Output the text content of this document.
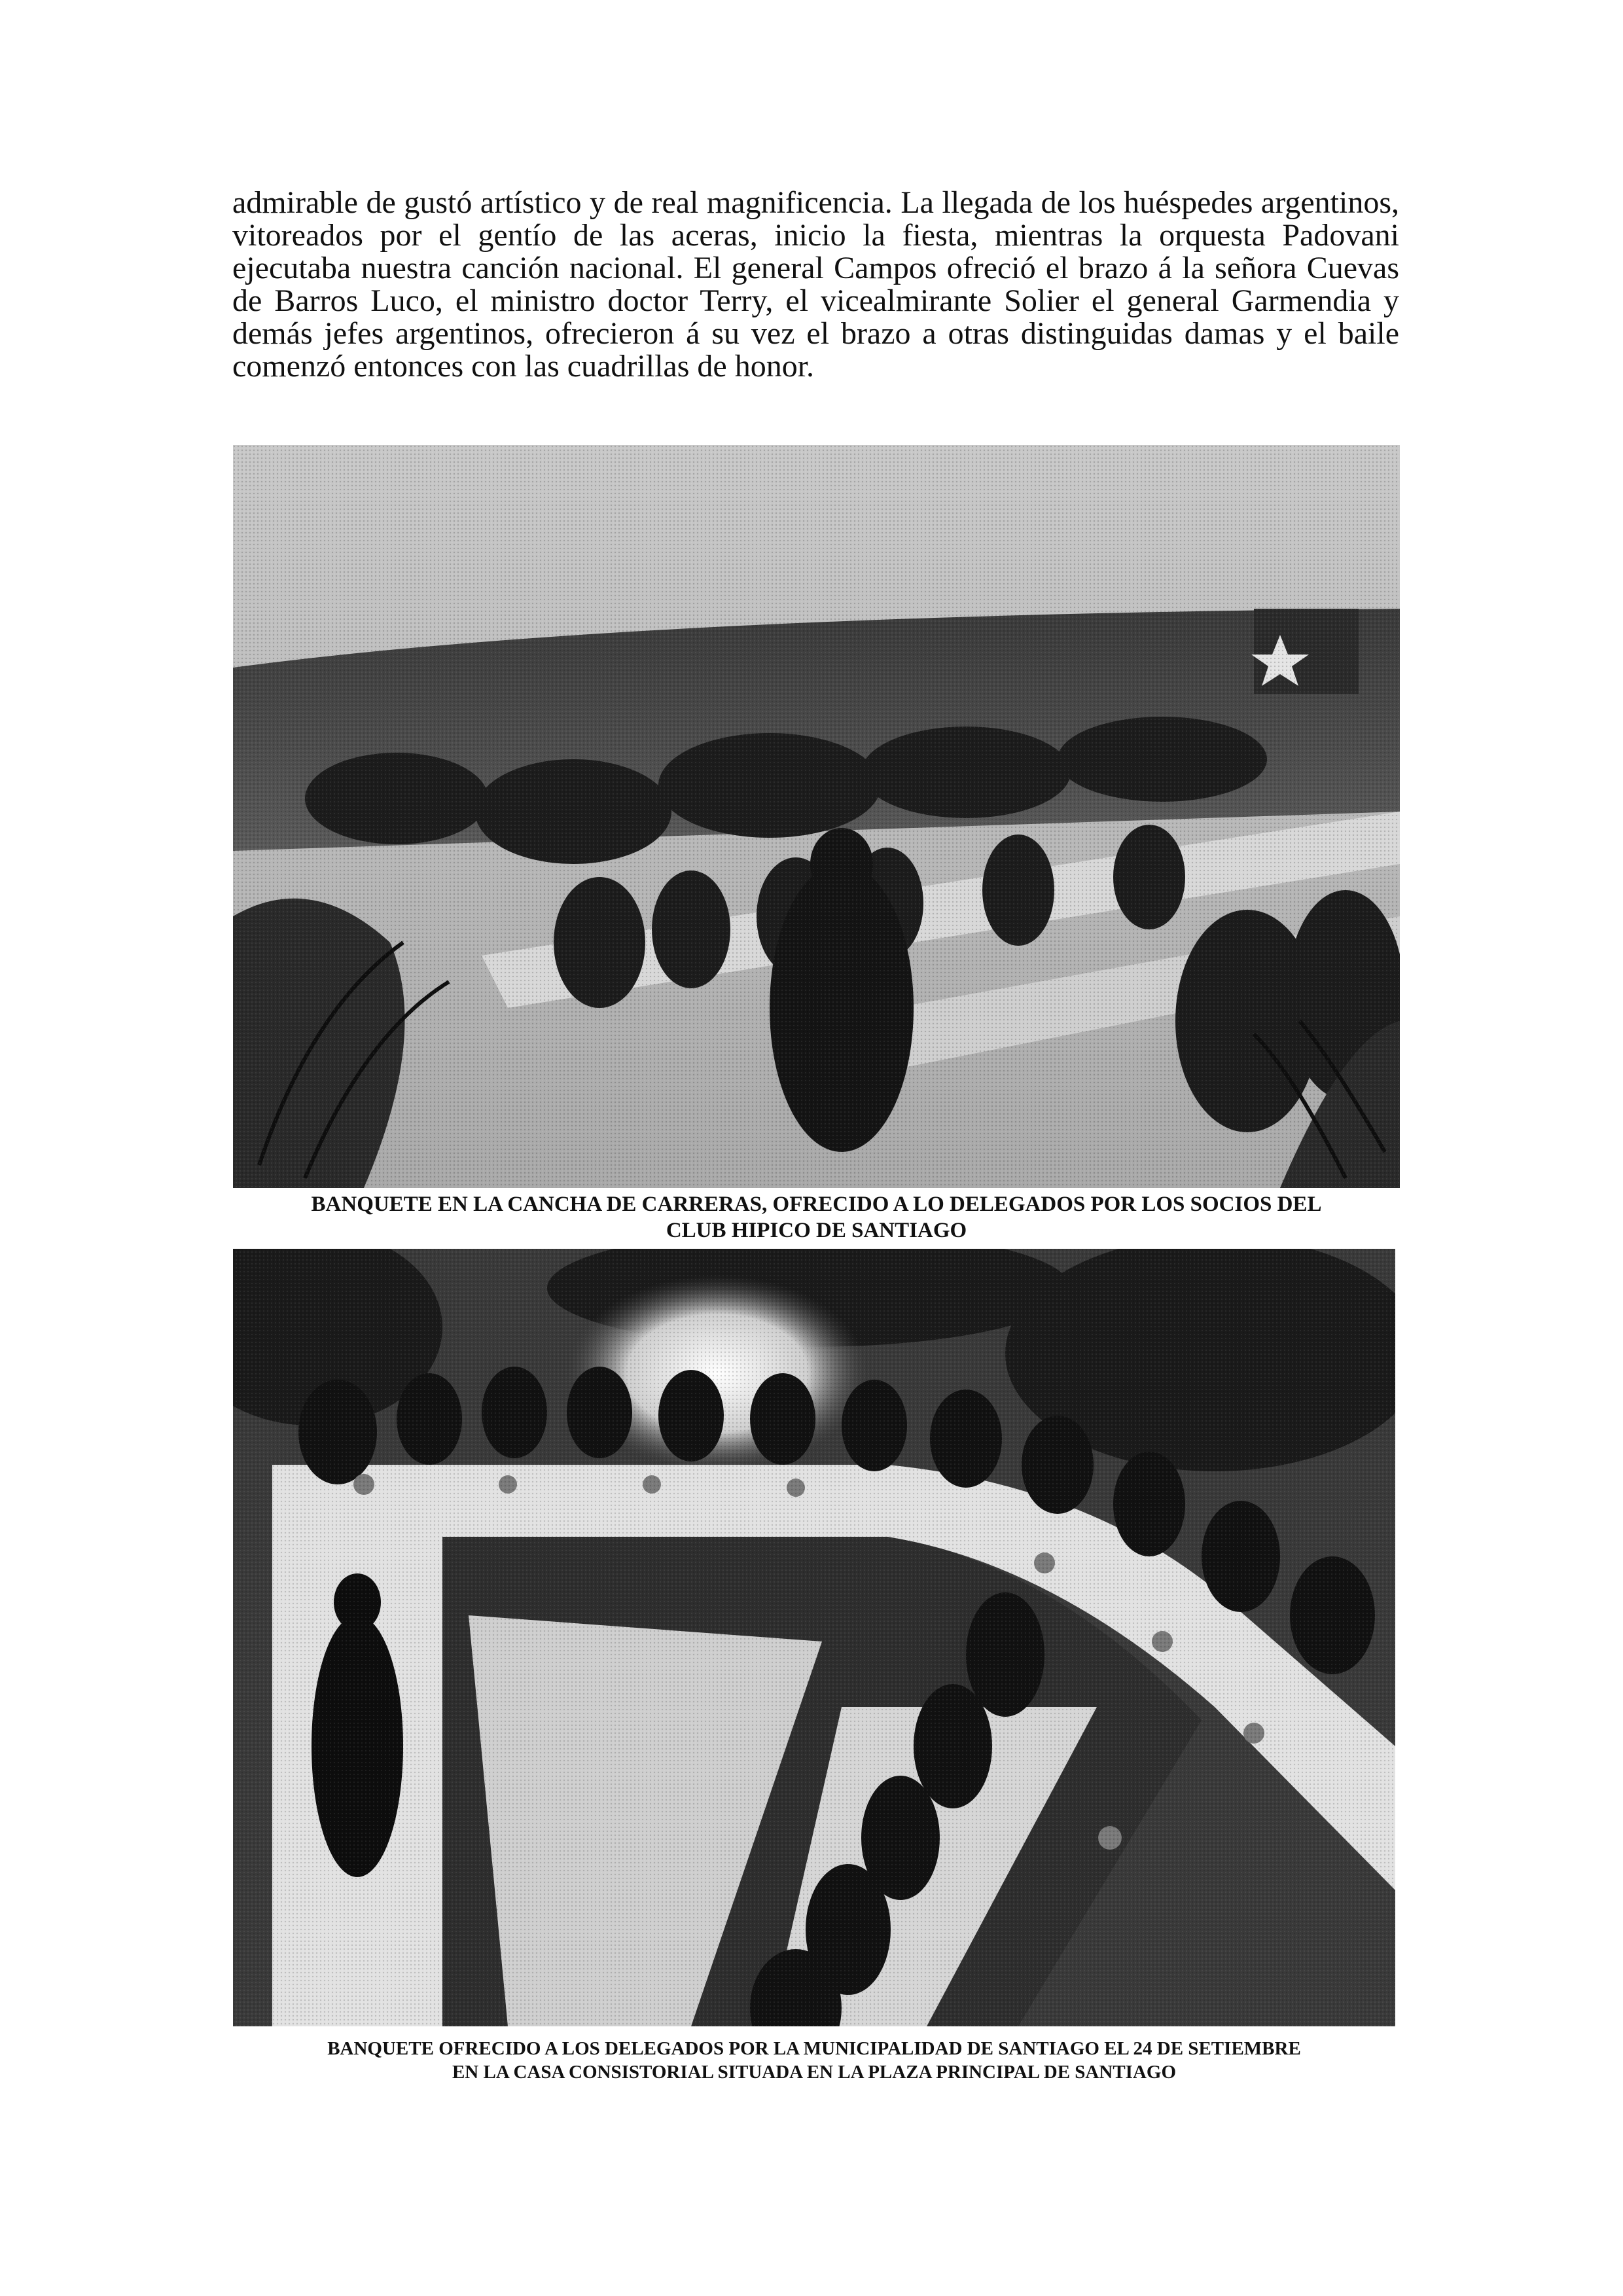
admirable de gustó artístico y de real magnificencia. La llegada de los huéspedes argentinos, vitoreados por el gentío de las aceras, inicio la fiesta, mientras la orquesta Padovani ejecutaba nuestra canción nacional. El general Campos ofreció el brazo á la señora Cuevas de Barros Luco, el ministro doctor Terry, el vicealmirante Solier el general Garmendia y demás jefes argentinos, ofrecieron á su vez el brazo a otras distinguidas damas y el baile comenzó entonces con las cuadrillas de honor.

BANQUETE EN LA CANCHA DE CARRERAS, OFRECIDO A LO DELEGADOS POR LOS SOCIOS DEL
CLUB HIPICO DE SANTIAGO

BANQUETE OFRECIDO A LOS DELEGADOS POR LA MUNICIPALIDAD DE SANTIAGO EL 24 DE SETIEMBRE
EN LA CASA CONSISTORIAL SITUADA EN LA PLAZA PRINCIPAL DE SANTIAGO
